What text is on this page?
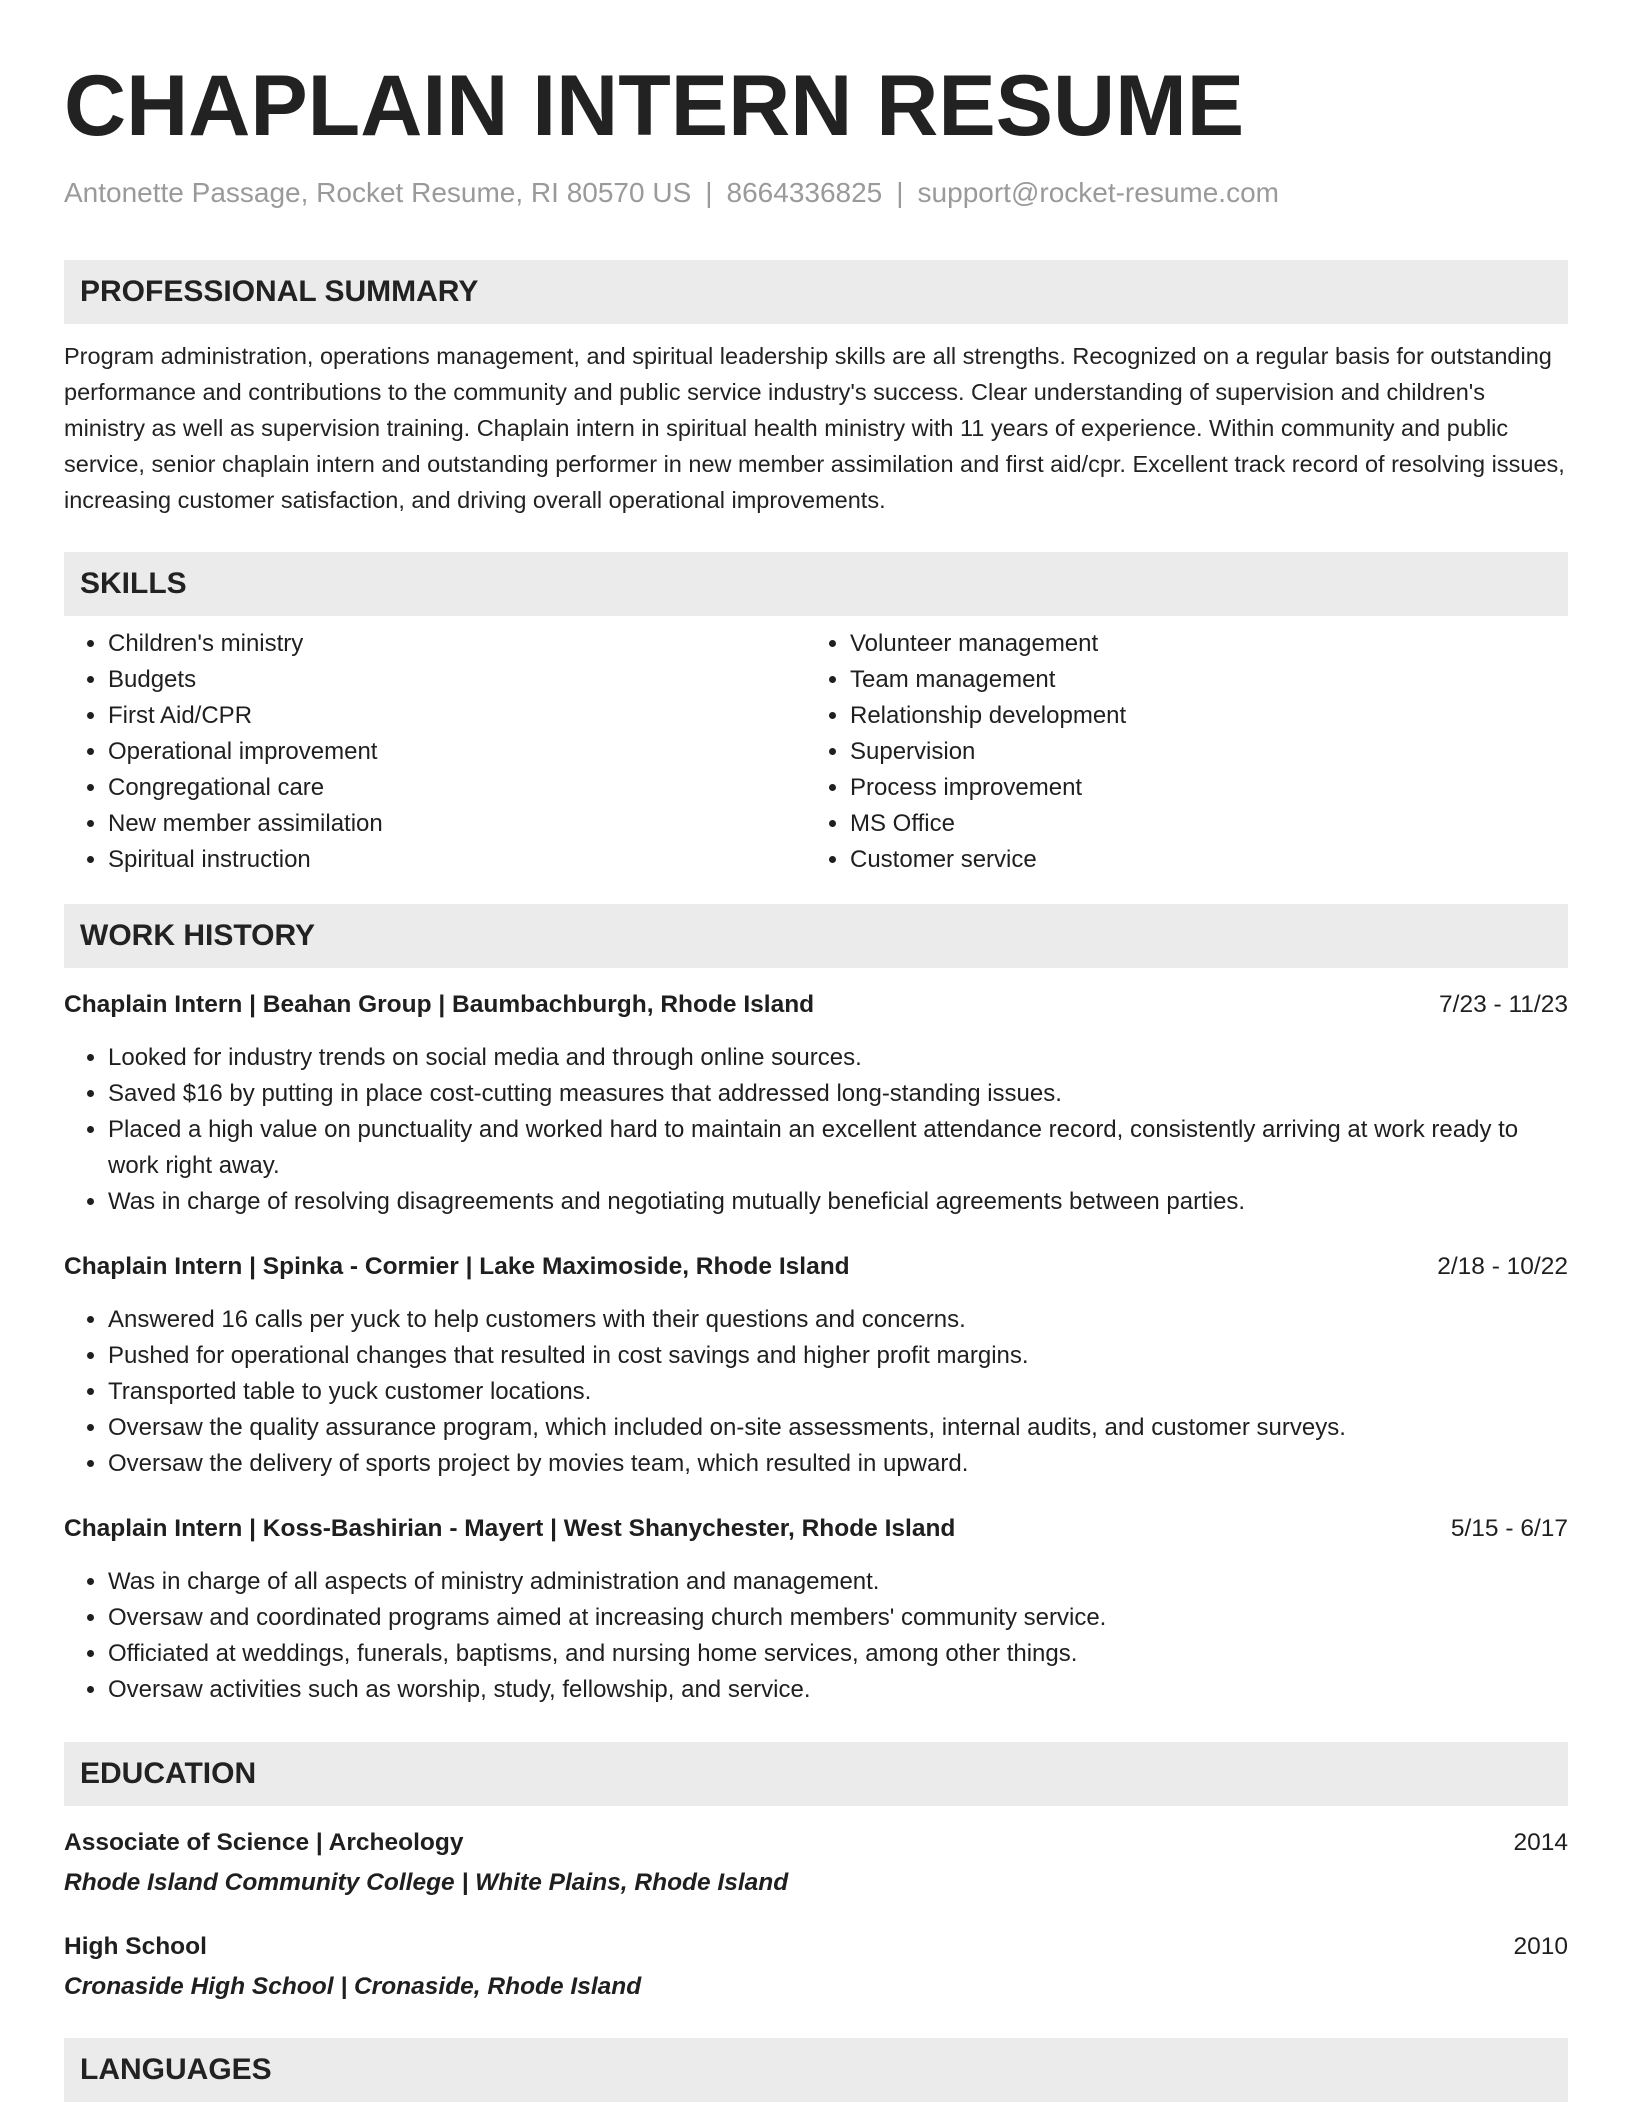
CHAPLAIN INTERN RESUME
Antonette Passage, Rocket Resume, RI 80570 US | 8664336825 | support@rocket-resume.com
PROFESSIONAL SUMMARY
Program administration, operations management, and spiritual leadership skills are all strengths. Recognized on a regular basis for outstanding performance and contributions to the community and public service industry's success. Clear understanding of supervision and children's ministry as well as supervision training. Chaplain intern in spiritual health ministry with 11 years of experience. Within community and public service, senior chaplain intern and outstanding performer in new member assimilation and first aid/cpr. Excellent track record of resolving issues, increasing customer satisfaction, and driving overall operational improvements.
SKILLS
• Children's ministry
• Budgets
• First Aid/CPR
• Operational improvement
• Congregational care
• New member assimilation
• Spiritual instruction
• Volunteer management
• Team management
• Relationship development
• Supervision
• Process improvement
• MS Office
• Customer service
WORK HISTORY
Chaplain Intern | Beahan Group | Baumbachburgh, Rhode Island	7/23 - 11/23
• Looked for industry trends on social media and through online sources.
• Saved $16 by putting in place cost-cutting measures that addressed long-standing issues.
• Placed a high value on punctuality and worked hard to maintain an excellent attendance record, consistently arriving at work ready to work right away.
• Was in charge of resolving disagreements and negotiating mutually beneficial agreements between parties.
Chaplain Intern | Spinka - Cormier | Lake Maximoside, Rhode Island	2/18 - 10/22
• Answered 16 calls per yuck to help customers with their questions and concerns.
• Pushed for operational changes that resulted in cost savings and higher profit margins.
• Transported table to yuck customer locations.
• Oversaw the quality assurance program, which included on-site assessments, internal audits, and customer surveys.
• Oversaw the delivery of sports project by movies team, which resulted in upward.
Chaplain Intern | Koss-Bashirian - Mayert | West Shanychester, Rhode Island	5/15 - 6/17
• Was in charge of all aspects of ministry administration and management.
• Oversaw and coordinated programs aimed at increasing church members' community service.
• Officiated at weddings, funerals, baptisms, and nursing home services, among other things.
• Oversaw activities such as worship, study, fellowship, and service.
EDUCATION
Associate of Science | Archeology	2014
Rhode Island Community College | White Plains, Rhode Island
High School	2010
Cronaside High School | Cronaside, Rhode Island
LANGUAGES
